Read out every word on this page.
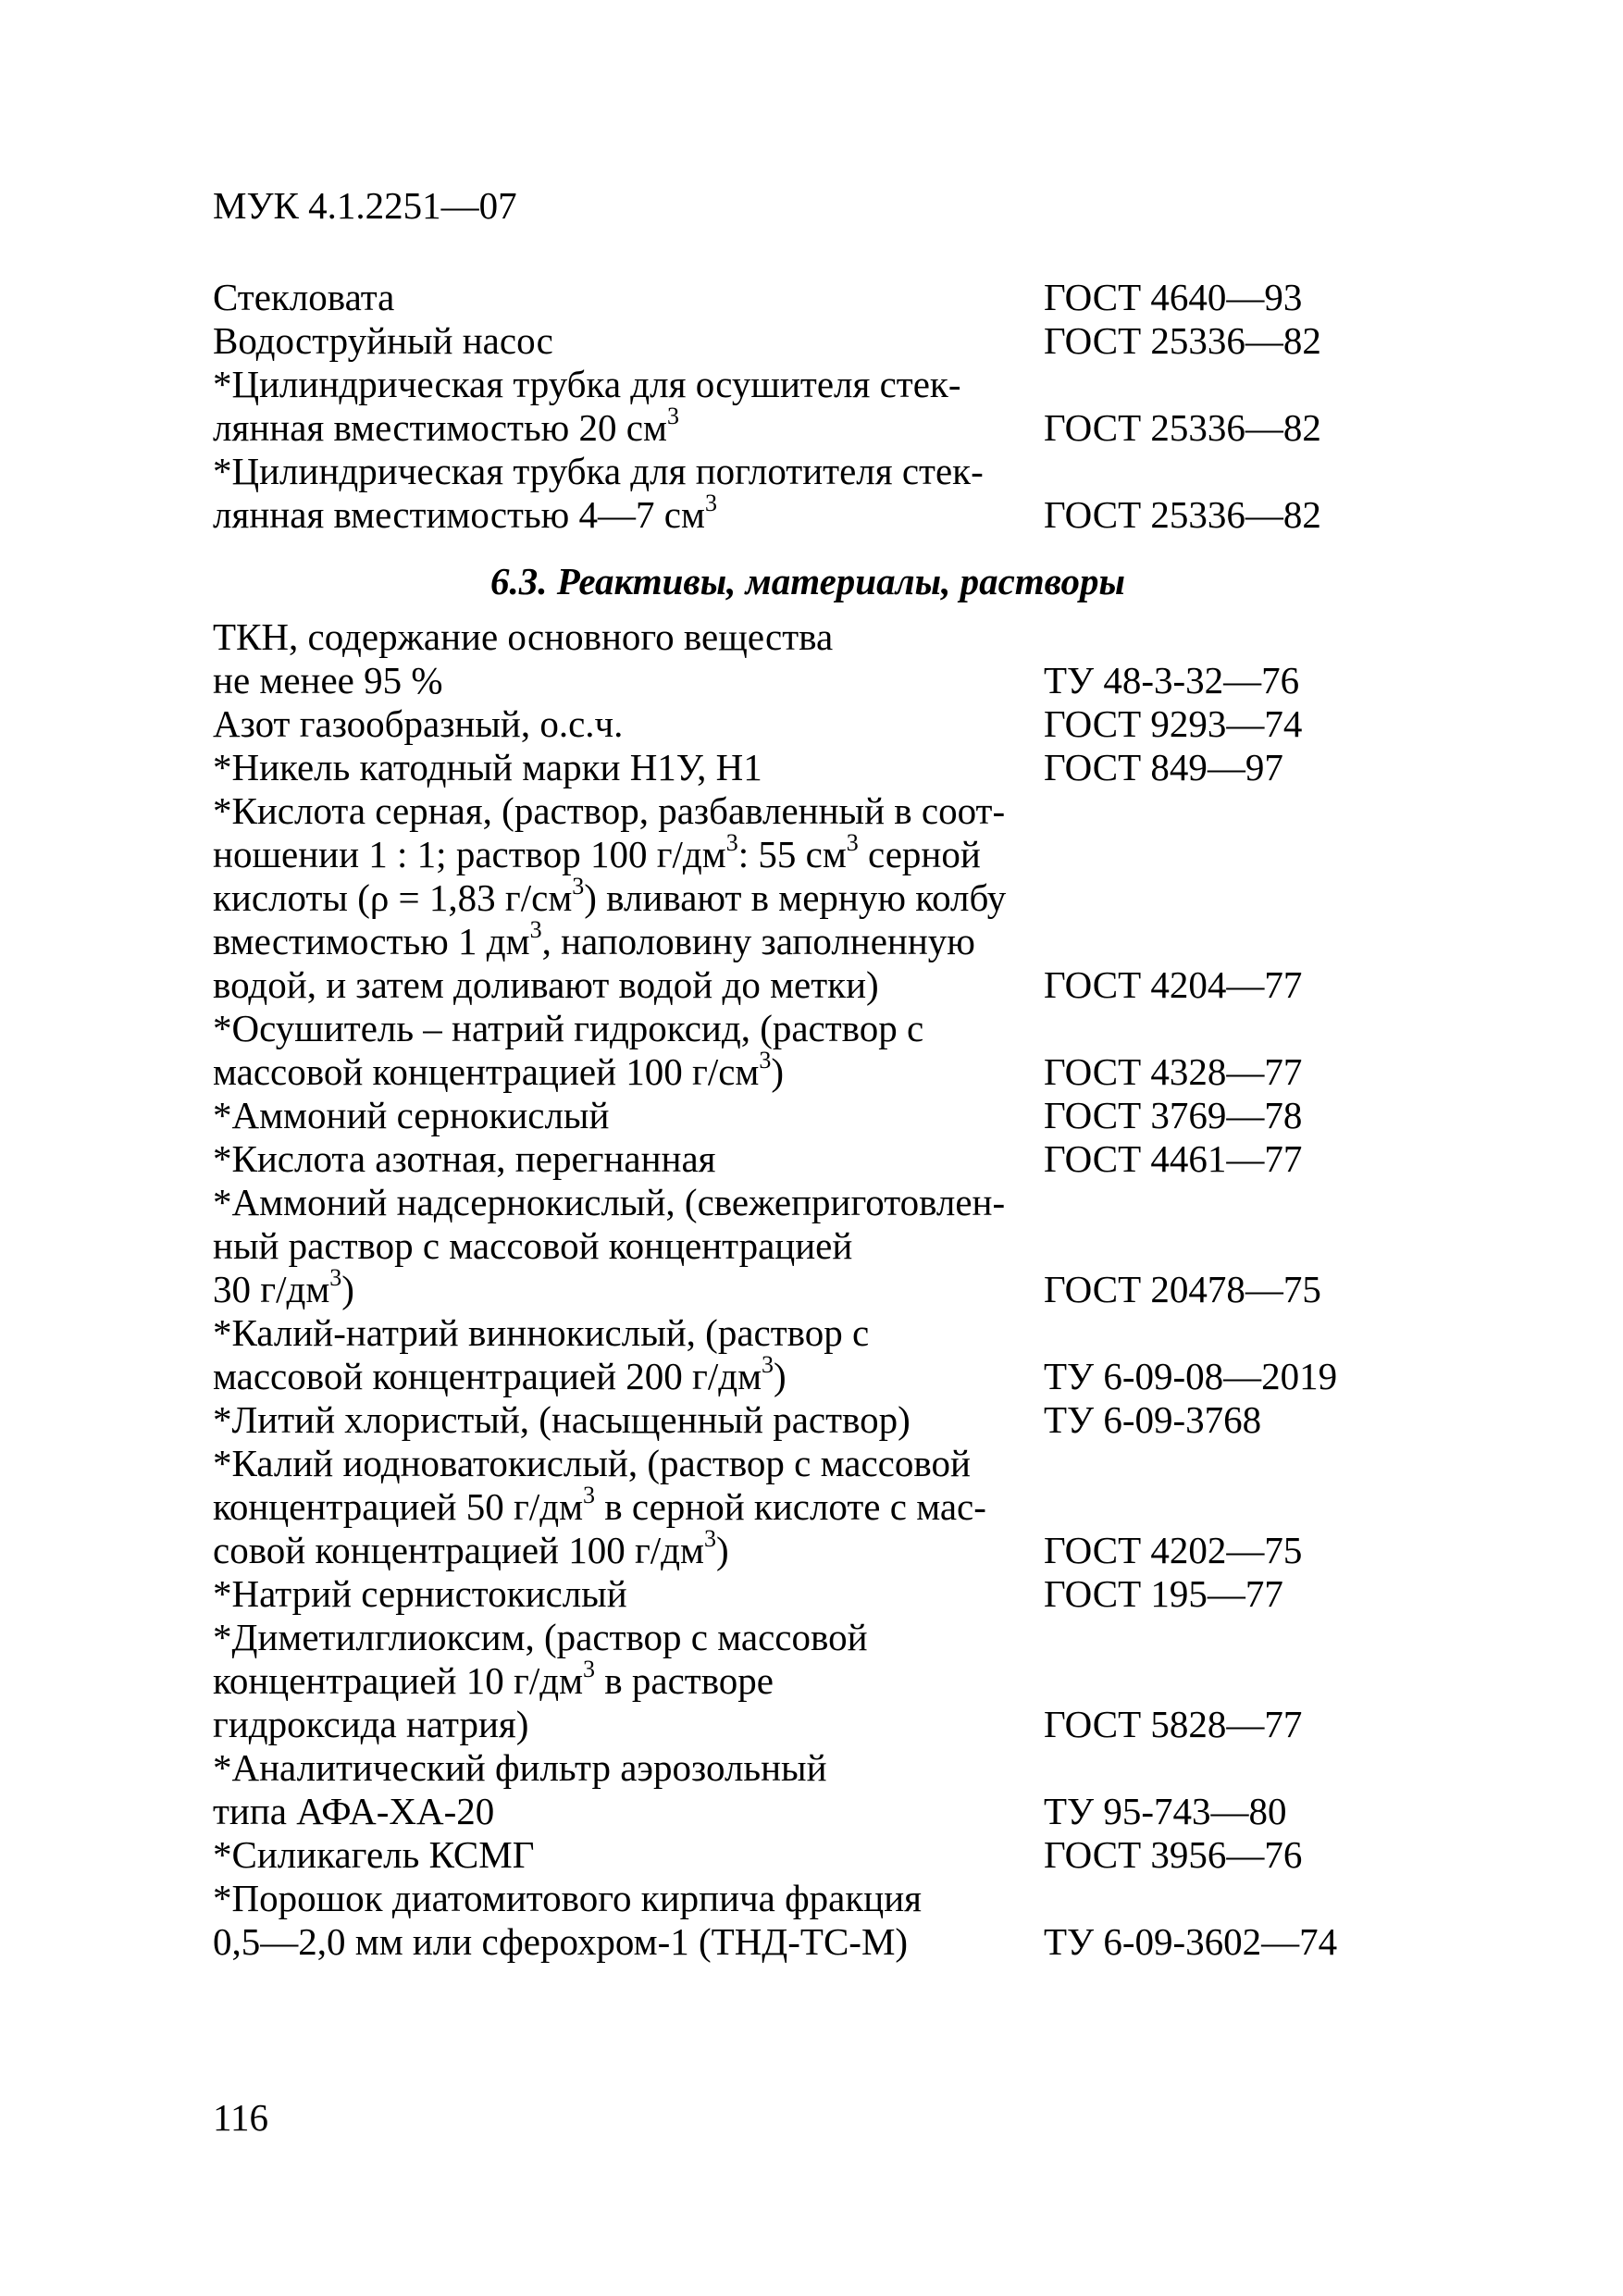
МУК 4.1.2251—07
Стекловата	ГОСТ 4640—93
Водоструйный насос	ГОСТ 25336—82
*Цилиндрическая трубка для осушителя стек-
лянная вместимостью 20 $см^3$	ГОСТ 25336—82
*Цилиндрическая трубка для поглотителя стек-
лянная вместимостью 4—7 $см^3$	ГОСТ 25336—82
6.3. Реактивы, материалы, растворы
ТКН, содержание основного вещества
не менее 95 %	ТУ 48-3-32—76
Азот газообразный, о.с.ч.	ГОСТ 9293—74
*Никель катодный марки Н1У, Н1	ГОСТ 849—97
*Кислота серная, (раствор, разбавленный в соот-
ношении 1 : 1; раствор 100 $г/дм^3$: 55 $см^3$ серной
кислоты (ρ = 1,83 $г/см^3$) вливают в мерную колбу
вместимостью 1 $дм^3$, наполовину заполненную
водой, и затем доливают водой до метки)	ГОСТ 4204—77
*Осушитель – натрий гидроксид, (раствор с
массовой концентрацией 100 $г/см^3$)	ГОСТ 4328—77
*Аммоний сернокислый	ГОСТ 3769—78
*Кислота азотная, перегнанная	ГОСТ 4461—77
*Аммоний надсернокислый, (свежеприготовлен-
ный раствор с массовой концентрацией
30 $г/дм^3$)	ГОСТ 20478—75
*Калий-натрий виннокислый, (раствор с
массовой концентрацией 200 $г/дм^3$)	ТУ 6-09-08—2019
*Литий хлористый, (насыщенный раствор)	ТУ 6-09-3768
*Калий иодноватокислый, (раствор с массовой
концентрацией 50 $г/дм^3$ в серной кислоте с мас-
совой концентрацией 100 $г/дм^3$)	ГОСТ 4202—75
*Натрий сернистокислый	ГОСТ 195—77
*Диметилглиоксим, (раствор с массовой
концентрацией 10 $г/дм^3$ в растворе
гидроксида натрия)	ГОСТ 5828—77
*Аналитический фильтр аэрозольный
типа АФА-ХА-20	ТУ 95-743—80
*Силикагель КСМГ	ГОСТ 3956—76
*Порошок диатомитового кирпича фракция
0,5—2,0 мм или сферохром-1 (ТНД-ТС-М)	ТУ 6-09-3602—74
116
